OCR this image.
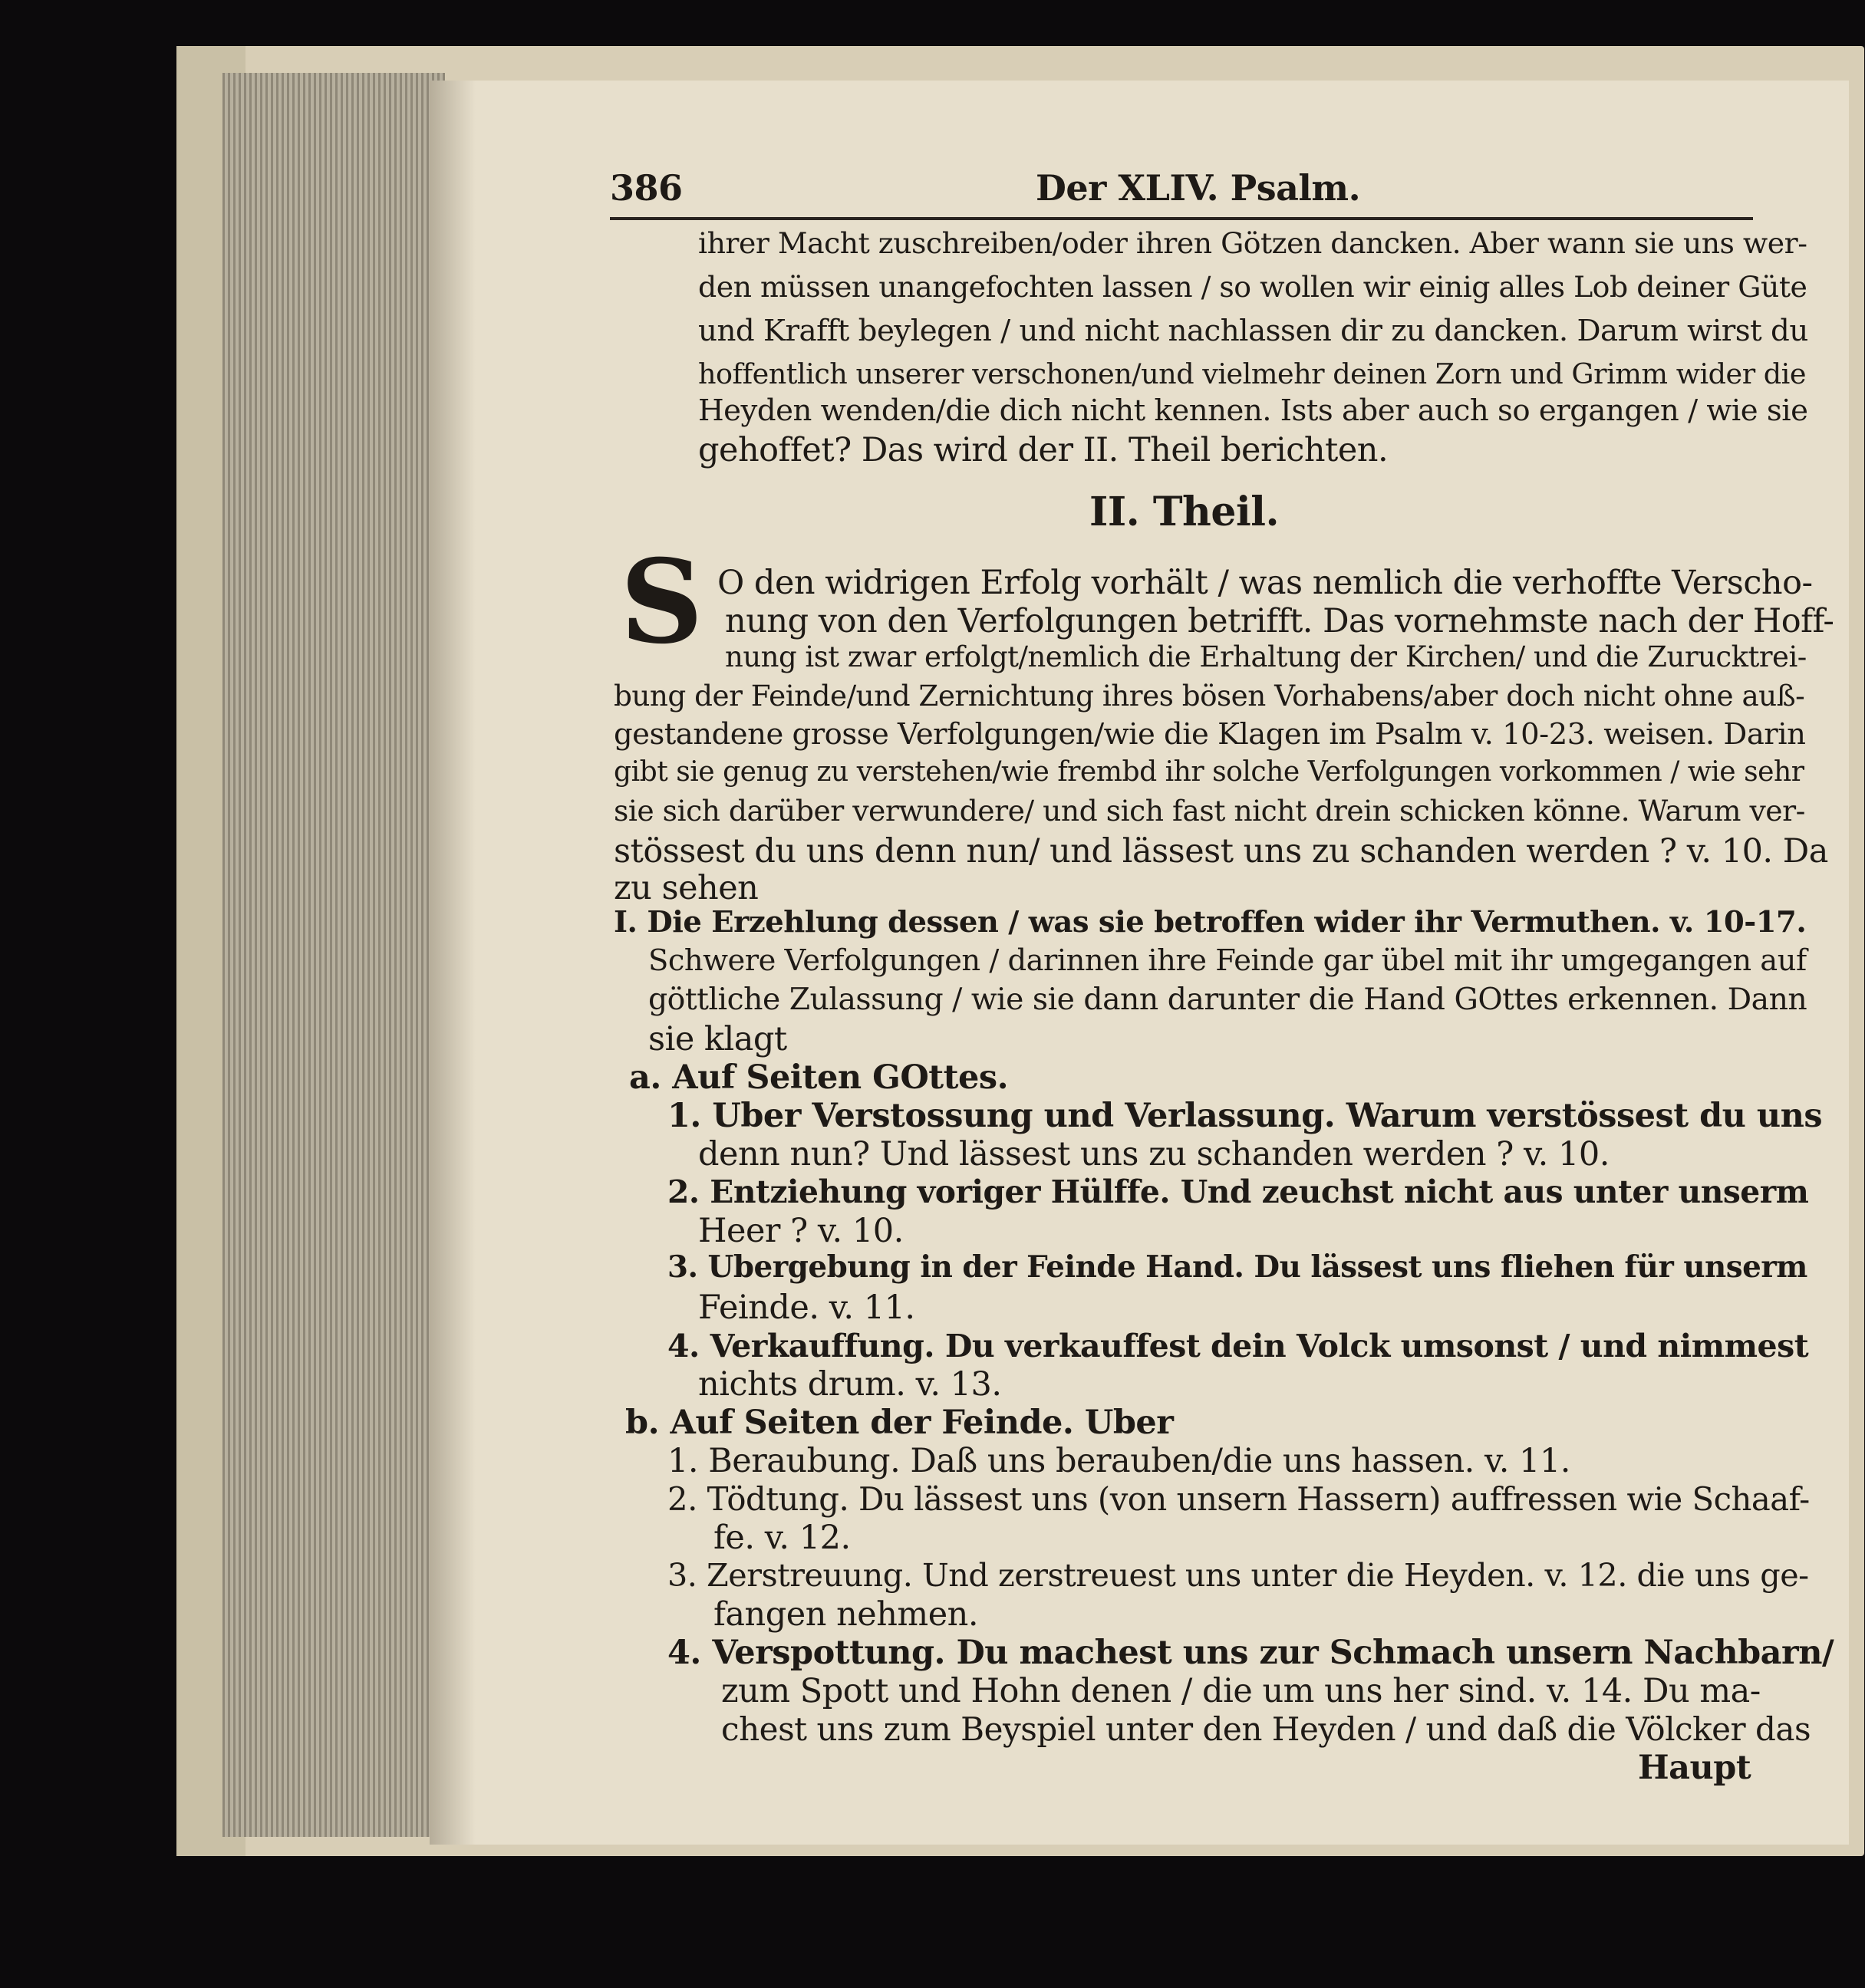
386	Der XLIV. Psalm.
ihrer Macht zuschreiben/oder ihren Götzen dancken. Aber wann sie uns wer-
den müssen unangefochten lassen / so wollen wir einig alles Lob deiner Güte
und Krafft beylegen / und nicht nachlassen dir zu dancken. Darum wirst du
hoffentlich unserer verschonen/und vielmehr deinen Zorn und Grimm wider die
Heyden wenden/die dich nicht kennen. Ists aber auch so ergangen / wie sie
gehoffet? Das wird der II. Theil berichten.
II. Theil.
S O den widrigen Erfolg vorhält / was nemlich die verhoffte Verscho-
nung von den Verfolgungen betrifft. Das vornehmste nach der Hoff-
nung ist zwar erfolgt/nemlich die Erhaltung der Kirchen/ und die Zurucktrei-
bung der Feinde/und Zernichtung ihres bösen Vorhabens/aber doch nicht ohne auß-
gestandene grosse Verfolgungen/wie die Klagen im Psalm v. 10-23. weisen. Darin
gibt sie genug zu verstehen/wie frembd ihr solche Verfolgungen vorkommen / wie sehr
sie sich darüber verwundere/ und sich fast nicht drein schicken könne. Warum ver-
stössest du uns denn nun/ und lässest uns zu schanden werden ? v. 10. Da
zu sehen
I. Die Erzehlung dessen / was sie betroffen wider ihr Vermuthen. v. 10-17.
Schwere Verfolgungen / darinnen ihre Feinde gar übel mit ihr umgegangen auf
göttliche Zulassung / wie sie dann darunter die Hand GOttes erkennen. Dann
sie klagt
a. Auf Seiten GOttes.
1. Uber Verstossung und Verlassung. Warum verstössest du uns
denn nun? Und lässest uns zu schanden werden ? v. 10.
2. Entziehung voriger Hülffe. Und zeuchst nicht aus unter unserm
Heer ? v. 10.
3. Ubergebung in der Feinde Hand. Du lässest uns fliehen für unserm
Feinde. v. 11.
4. Verkauffung. Du verkauffest dein Volck umsonst / und nimmest
nichts drum. v. 13.
b. Auf Seiten der Feinde. Uber
1. Beraubung. Daß uns berauben/die uns hassen. v. 11.
2. Tödtung. Du lässest uns (von unsern Hassern) auffressen wie Schaaf-
fe. v. 12.
3. Zerstreuung. Und zerstreuest uns unter die Heyden. v. 12. die uns ge-
fangen nehmen.
4. Verspottung. Du machest uns zur Schmach unsern Nachbarn/
zum Spott und Hohn denen / die um uns her sind. v. 14. Du ma-
chest uns zum Beyspiel unter den Heyden / und daß die Völcker das
Haupt
